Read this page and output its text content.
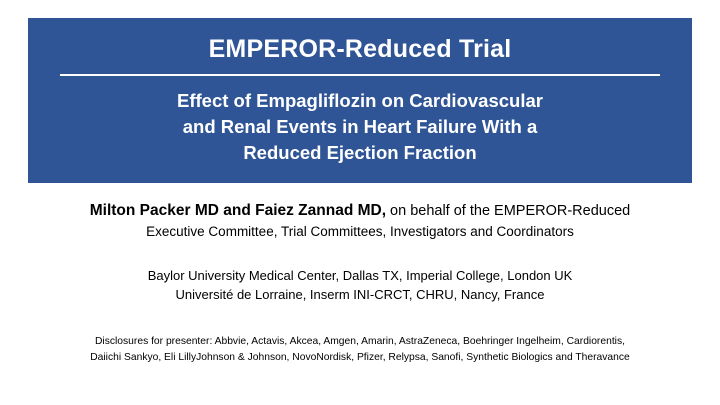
EMPEROR-Reduced Trial
Effect of Empagliflozin on Cardiovascular
and Renal Events in Heart Failure With a
Reduced Ejection Fraction

Milton Packer MD and Faiez Zannad MD, on behalf of the EMPEROR-Reduced

Executive Committee, Trial Committees, Investigators and Coordinators

Baylor University Medical Center, Dallas TX, Imperial College, London UK

Université de Lorraine, Inserm INI-CRCT, CHRU, Nancy, France

Disclosures for presenter: Abbvie, Actavis, Akcea, Amgen, Amarin, AstraZeneca, Boehringer Ingelheim, Cardiorentis,

Daiichi Sankyo, Eli LillyJohnson & Johnson, NovoNordisk, Pfizer, Relypsa, Sanofi, Synthetic Biologics and Theravance
